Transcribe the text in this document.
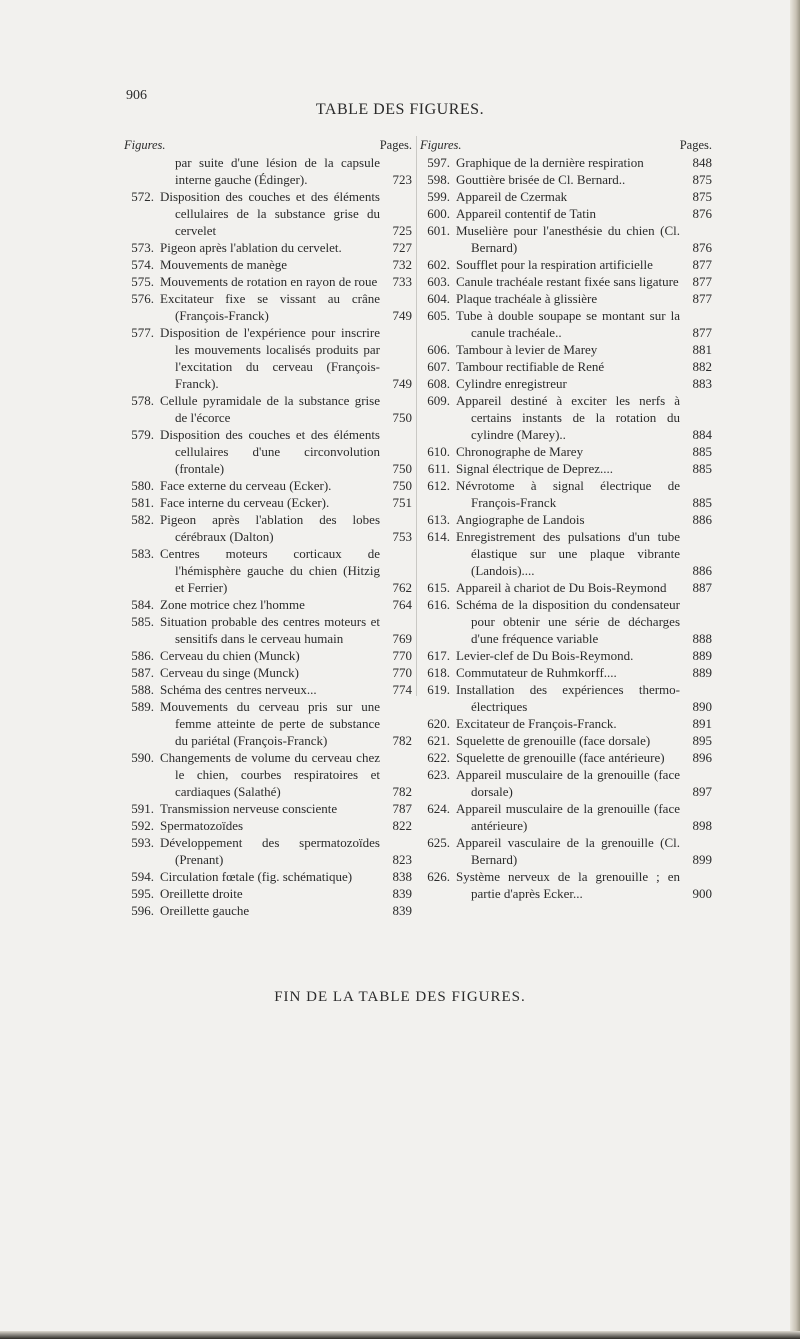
906
TABLE DES FIGURES.
Figures.	Pages.
par suite d'une lésion de la capsule interne gauche (Édinger).	723
572. Disposition des couches et des éléments cellulaires de la substance grise du cervelet	725
573. Pigeon après l'ablation du cervelet.	727
574. Mouvements de manège	732
575. Mouvements de rotation en rayon de roue	733
576. Excitateur fixe se vissant au crâne (François-Franck)	749
577. Disposition de l'expérience pour inscrire les mouvements localisés produits par l'excitation du cerveau (François-Franck).	749
578. Cellule pyramidale de la substance grise de l'écorce	750
579. Disposition des couches et des éléments cellulaires d'une circonvolution (frontale)	750
580. Face externe du cerveau (Ecker).	750
581. Face interne du cerveau (Ecker).	751
582. Pigeon après l'ablation des lobes cérébraux (Dalton)	753
583. Centres moteurs corticaux de l'hémisphère gauche du chien (Hitzig et Ferrier)	762
584. Zone motrice chez l'homme	764
585. Situation probable des centres moteurs et sensitifs dans le cerveau humain	769
586. Cerveau du chien (Munck)	770
587. Cerveau du singe (Munck)	770
588. Schéma des centres nerveux...	774
589. Mouvements du cerveau pris sur une femme atteinte de perte de substance du pariétal (François-Franck)	782
590. Changements de volume du cerveau chez le chien, courbes respiratoires et cardiaques (Salathé)	782
591. Transmission nerveuse consciente	787
592. Spermatozoïdes	822
593. Développement des spermatozoïdes (Prenant)	823
594. Circulation fœtale (fig. schématique)	838
595. Oreillette droite	839
596. Oreillette gauche	839
Figures.	Pages.
597. Graphique de la dernière respiration	848
598. Gouttière brisée de Cl. Bernard..	875
599. Appareil de Czermak	875
600. Appareil contentif de Tatin	876
601. Muselière pour l'anesthésie du chien (Cl. Bernard)	876
602. Soufflet pour la respiration artificielle	877
603. Canule trachéale restant fixée sans ligature	877
604. Plaque trachéale à glissière	877
605. Tube à double soupape se montant sur la canule trachéale..	877
606. Tambour à levier de Marey	881
607. Tambour rectifiable de René	882
608. Cylindre enregistreur	883
609. Appareil destiné à exciter les nerfs à certains instants de la rotation du cylindre (Marey)..	884
610. Chronographe de Marey	885
611. Signal électrique de Deprez....	885
612. Névrotome à signal électrique de François-Franck	885
613. Angiographe de Landois	886
614. Enregistrement des pulsations d'un tube élastique sur une plaque vibrante (Landois)....	886
615. Appareil à chariot de Du Bois-Reymond	887
616. Schéma de la disposition du condensateur pour obtenir une série de décharges d'une fréquence variable	888
617. Levier-clef de Du Bois-Reymond.	889
618. Commutateur de Ruhmkorff....	889
619. Installation des expériences thermo-électriques	890
620. Excitateur de François-Franck.	891
621. Squelette de grenouille (face dorsale)	895
622. Squelette de grenouille (face antérieure)	896
623. Appareil musculaire de la grenouille (face dorsale)	897
624. Appareil musculaire de la grenouille (face antérieure)	898
625. Appareil vasculaire de la grenouille (Cl. Bernard)	899
626. Système nerveux de la grenouille ; en partie d'après Ecker...	900
FIN DE LA TABLE DES FIGURES.
